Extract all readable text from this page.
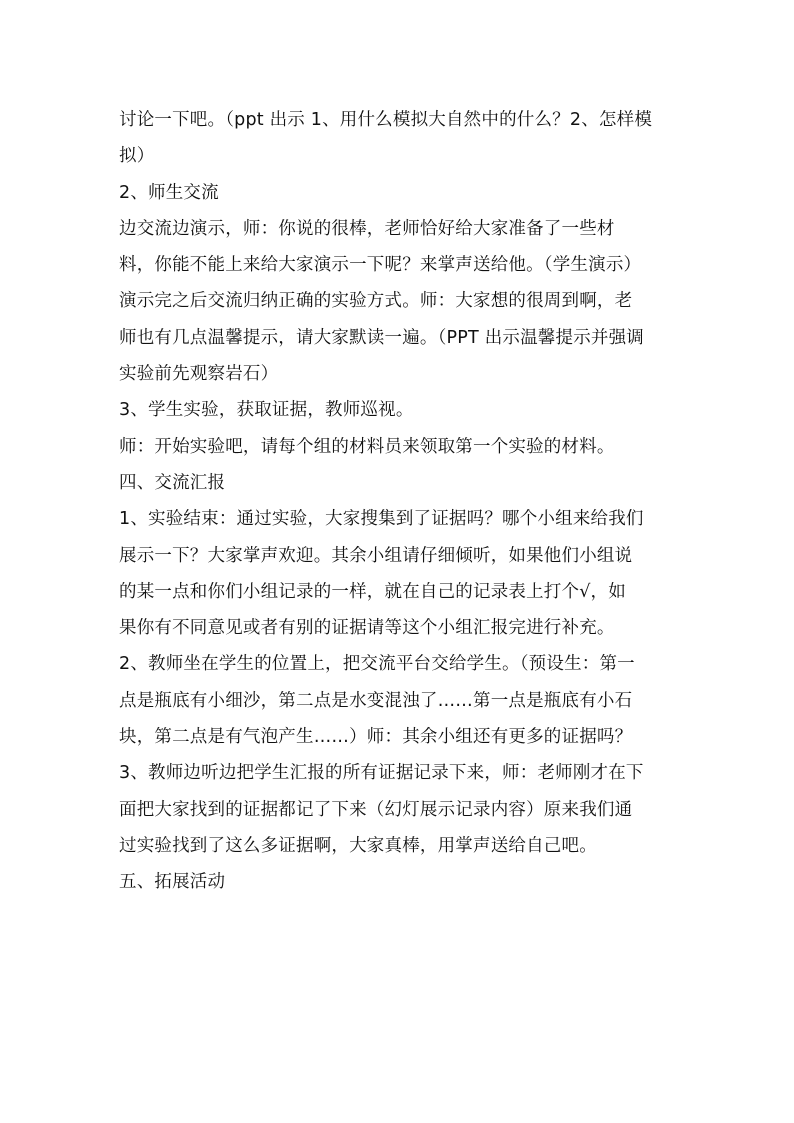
讨论一下吧。（ppt 出示 1、用什么模拟大自然中的什么？2、怎样模
拟）
2、师生交流
边交流边演示，师：你说的很棒，老师恰好给大家准备了一些材
料，你能不能上来给大家演示一下呢？来掌声送给他。（学生演示）
演示完之后交流归纳正确的实验方式。师：大家想的很周到啊，老
师也有几点温馨提示，请大家默读一遍。（PPT 出示温馨提示并强调
实验前先观察岩石）
3、学生实验，获取证据，教师巡视。
师：开始实验吧，请每个组的材料员来领取第一个实验的材料。
四、交流汇报
1、实验结束：通过实验，大家搜集到了证据吗？哪个小组来给我们
展示一下？大家掌声欢迎。其余小组请仔细倾听，如果他们小组说
的某一点和你们小组记录的一样，就在自己的记录表上打个√，如
果你有不同意见或者有别的证据请等这个小组汇报完进行补充。
2、教师坐在学生的位置上，把交流平台交给学生。（预设生：第一
点是瓶底有小细沙，第二点是水变混浊了……第一点是瓶底有小石
块，第二点是有气泡产生……）师：其余小组还有更多的证据吗？
3、教师边听边把学生汇报的所有证据记录下来，师：老师刚才在下
面把大家找到的证据都记了下来（幻灯展示记录内容）原来我们通
过实验找到了这么多证据啊，大家真棒，用掌声送给自己吧。
五、拓展活动
